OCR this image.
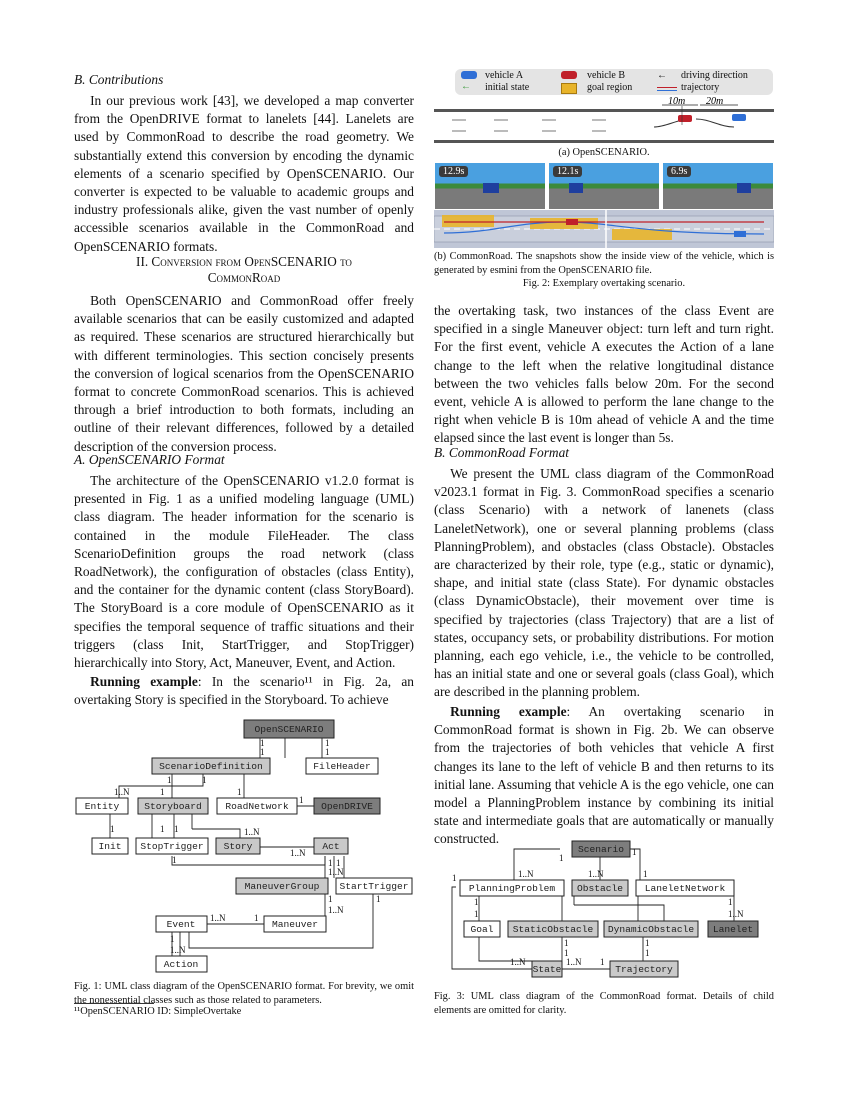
B. Contributions

In our previous work [43], we developed a map converter from the OpenDRIVE format to lanelets [44]. Lanelets are used by CommonRoad to describe the road geometry. We substantially extend this conversion by encoding the dynamic elements of a scenario specified by OpenSCENARIO. Our converter is expected to be valuable to academic groups and industry professionals alike, given the vast number of openly accessible scenarios available in the CommonRoad and OpenSCENARIO formats.

II. Conversion from OpenSCENARIO to
CommonRoad

Both OpenSCENARIO and CommonRoad offer freely available scenarios that can be easily customized and adapted as required. These scenarios are structured hierarchically but with different terminologies. This section concisely presents the conversion of logical scenarios from the OpenSCENARIO format to concrete CommonRoad scenarios. This is achieved through a brief introduction to both formats, including an outline of their relevant differences, followed by a detailed description of the conversion process.

A. OpenSCENARIO Format

The architecture of the OpenSCENARIO v1.2.0 format is presented in Fig. 1 as a unified modeling language (UML) class diagram. The header information for the scenario is contained in the module FileHeader. The class ScenarioDefinition groups the road network (class RoadNetwork), the configuration of obstacles (class Entity), and the container for the dynamic content (class StoryBoard). The StoryBoard is a core module of OpenSCENARIO as it specifies the temporal sequence of traffic situations and their triggers (class Init, StartTrigger, and StopTrigger) hierarchically into Story, Act, Maneuver, Event, and Action.

Running example: In the scenario¹¹ in Fig. 2a, an overtaking Story is specified in the Storyboard. To achieve

1
1
1
1
1	1
1..N	1	1
1
1	1 1	1..N
1..N
1	1
1..N
1
1
1..N
1
1..N	1
1
1..N
OpenSCENARIO
ScenarioDefinition	FileHeader
Entity	Storyboard RoadNetwork	OpenDRIVE
Init StopTrigger Story	Act
ManeuverGroup StartTrigger
Event	Maneuver
Action
Fig. 1: UML class diagram of the OpenSCENARIO format. For brevity, we omit the nonessential classes such as those related to parameters.
¹¹OpenSCENARIO ID: SimpleOvertake
vehicle A	vehicle B	← driving direction
← initial state	goal region	trajectory
10m 20m
(a) OpenSCENARIO.
12.9s	12.1s	6.9s
(b) CommonRoad. The snapshots show the inside view of the vehicle, which is generated by esmini from the OpenSCENARIO file.
Fig. 2: Exemplary overtaking scenario.

the overtaking task, two instances of the class Event are specified in a single Maneuver object: turn left and turn right. For the first event, vehicle A executes the Action of a lane change to the left when the relative longitudinal distance between the two vehicles falls below 20m. For the second event, vehicle A is allowed to perform the lane change to the right when vehicle B is 10m ahead of vehicle A and the time elapsed since the last event is longer than 5s.

B. CommonRoad Format

We present the UML class diagram of the CommonRoad v2023.1 format in Fig. 3. CommonRoad specifies a scenario (class Scenario) with a network of lanenets (class LaneletNetwork), one or several planning problems (class PlanningProblem), and obstacles (class Obstacle). Obstacles are characterized by their role, type (e.g., static or dynamic), shape, and initial state (class State). For dynamic obstacles (class DynamicObstacle), their movement over time is specified by trajectories (class Trajectory) that are a list of states, occupancy sets, or probability distributions. For motion planning, each ego vehicle, i.e., the vehicle to be controlled, has an initial state and one or several goals (class Goal), which are described in the planning problem.

Running example: An overtaking scenario in CommonRoad format is shown in Fig. 2b. We can observe from the trajectories of both vehicles that vehicle A first changes its lane to the left of vehicle B and then returns to its initial lane. Assuming that vehicle A is the ego vehicle, one can model a PlanningProblem instance by combining its initial state and intermediate goals that are automatically or manually constructed.

1
1
1	1..N	1..N	1
1
1
1
1..N
1
1
1
1
1..N	1..N 1
Scenario
PlanningProblem Obstacle LaneletNetwork
Goal StaticObstacle DynamicObstacle Lanelet
State	Trajectory
Fig. 3: UML class diagram of the CommonRoad format. Details of child elements are omitted for clarity.
